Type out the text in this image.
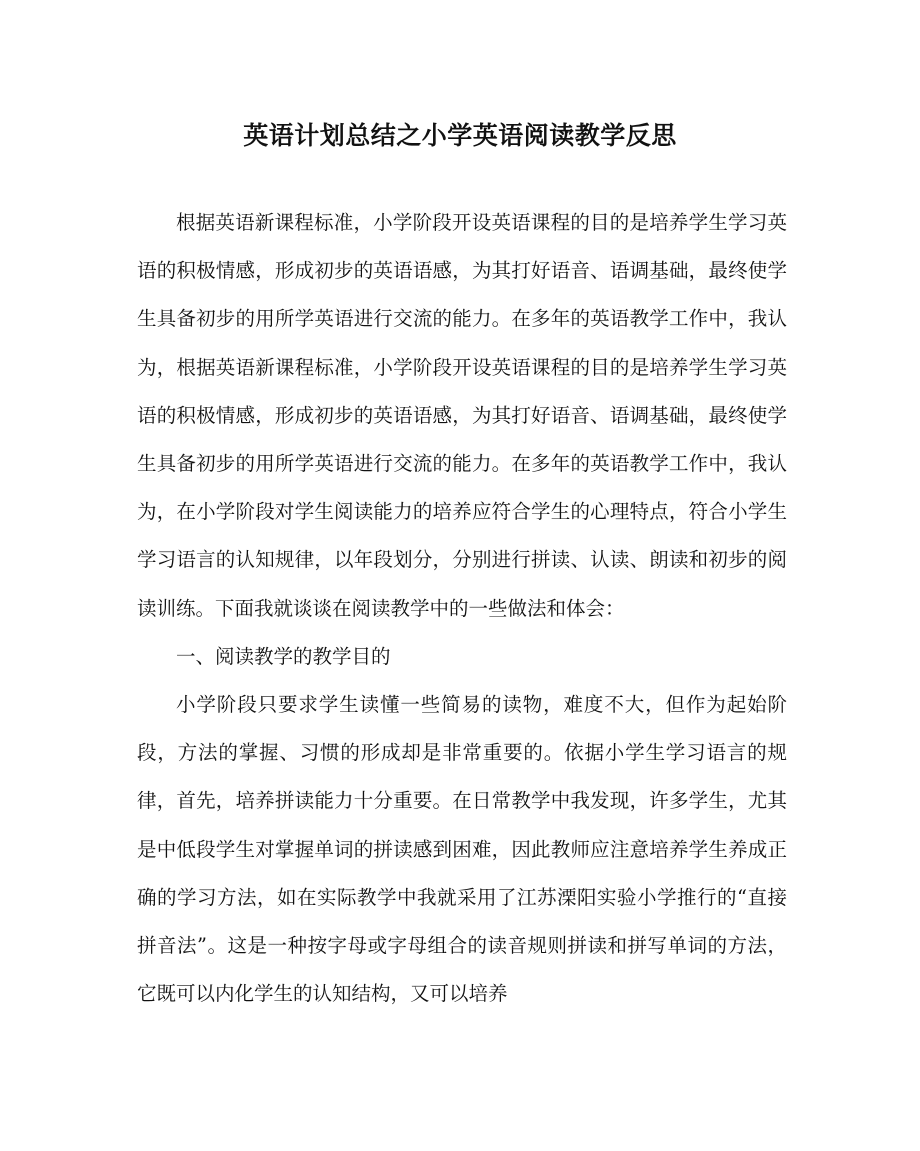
英语计划总结之小学英语阅读教学反思

根据英语新课程标准，小学阶段开设英语课程的目的是培养学生学习英语的积极情感，形成初步的英语语感，为其打好语音、语调基础，最终使学生具备初步的用所学英语进行交流的能力。在多年的英语教学工作中，我认为，根据英语新课程标准，小学阶段开设英语课程的目的是培养学生学习英语的积极情感，形成初步的英语语感，为其打好语音、语调基础，最终使学生具备初步的用所学英语进行交流的能力。在多年的英语教学工作中，我认为，在小学阶段对学生阅读能力的培养应符合学生的心理特点，符合小学生学习语言的认知规律，以年段划分，分别进行拼读、认读、朗读和初步的阅读训练。下面我就谈谈在阅读教学中的一些做法和体会：

一、阅读教学的教学目的

小学阶段只要求学生读懂一些简易的读物，难度不大，但作为起始阶段，方法的掌握、习惯的形成却是非常重要的。依据小学生学习语言的规律，首先，培养拼读能力十分重要。在日常教学中我发现，许多学生，尤其是中低段学生对掌握单词的拼读感到困难，因此教师应注意培养学生养成正确的学习方法，如在实际教学中我就采用了江苏溧阳实验小学推行的“直接拼音法”。这是一种按字母或字母组合的读音规则拼读和拼写单词的方法，它既可以内化学生的认知结构，又可以培养
